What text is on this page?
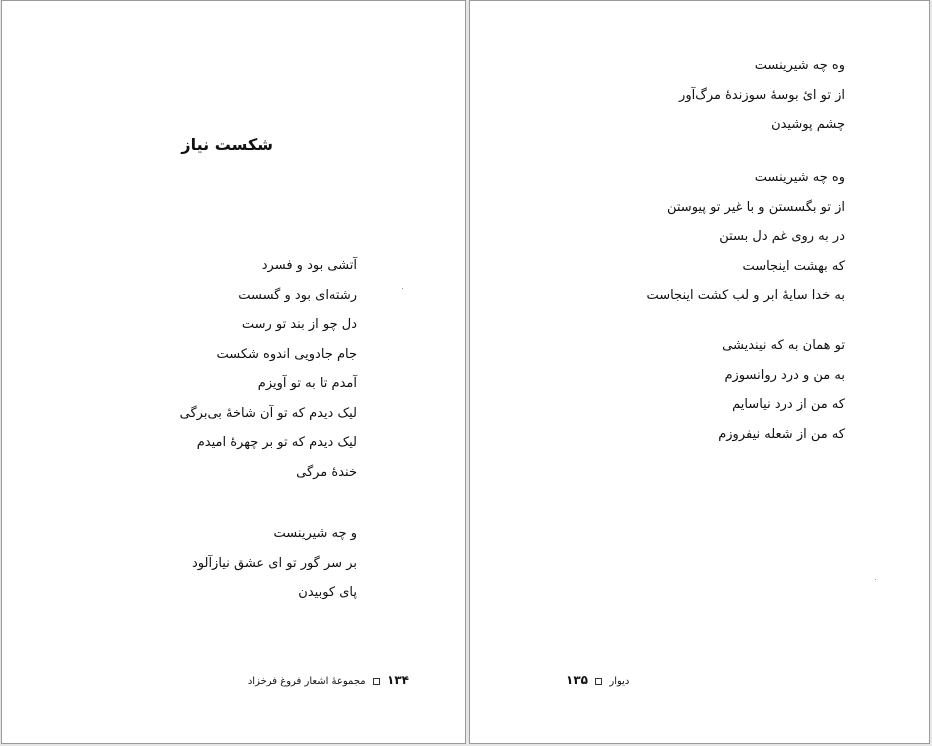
شکست نیاز
آتشی بود و فسرد
رشته‌ای بود و گسست
دل چو از بند تو رست
جام جادویی اندوه شکست
آمدم تا به تو آویزم
لیک دیدم که تو آن شاخهٔ بی‌برگی
لیک دیدم که تو بر چهرهٔ امیدم
خندهٔ مرگی
و چه شیرینست
بر سر گور تو ای عشق نیازآلود
پای کوبیدن
۱۳۴  مجموعهٔ اشعار فروغ فرخزاد
وه چه شیرینست
از تو ایٔ بوسهٔ سوزندهٔ مرگ‌آور
چشم پوشیدن
وه چه شیرینست
از تو بگسستن و با غیر تو پیوستن
در به روی غم دل بستن
که بهشت اینجاست
به خدا سایهٔ ابر و لب کشت اینجاست
تو همان به که نیندیشی
به من و درد روانسوزم
که من از درد نیاسایم
که من از شعله نیفروزم
دیوار  ۱۳۵
